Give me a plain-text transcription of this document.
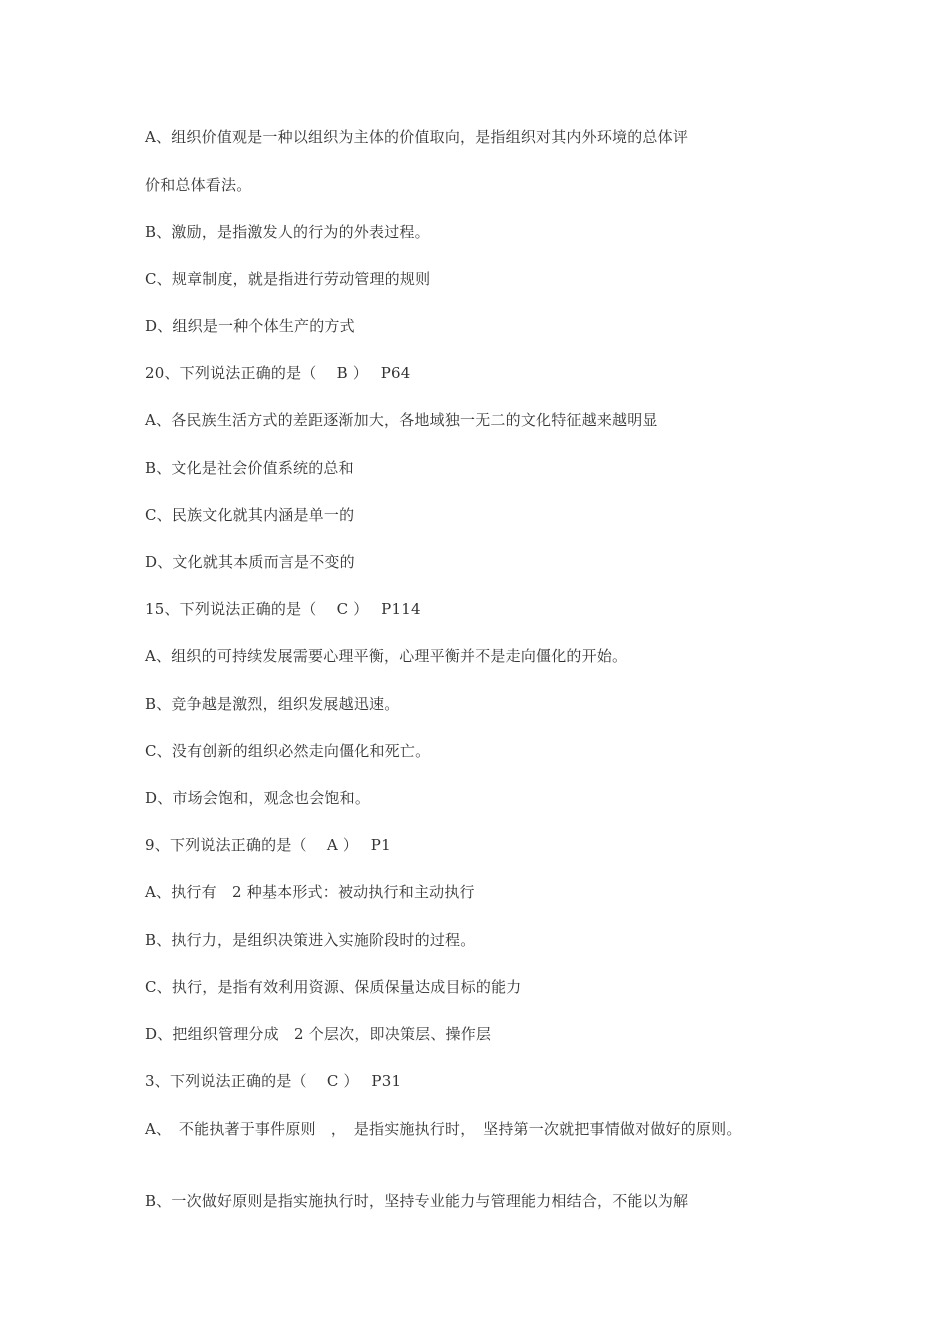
A、组织价值观是一种以组织为主体的价值取向，是指组织对其内外环境的总体评
价和总体看法。
B、激励，是指激发人的行为的外表过程。
C、规章制度，就是指进行劳动管理的规则
D、组织是一种个体生产的方式
20、下列说法正确的是（　 B ）　 P64
A、各民族生活方式的差距逐渐加大，各地域独一无二的文化特征越来越明显
B、文化是社会价值系统的总和
C、民族文化就其内涵是单一的
D、文化就其本质而言是不变的
15、下列说法正确的是（　 C ）　 P114
A、组织的可持续发展需要心理平衡，心理平衡并不是走向僵化的开始。
B、竞争越是激烈，组织发展越迅速。
C、没有创新的组织必然走向僵化和死亡。
D、市场会饱和，观念也会饱和。
9、下列说法正确的是（　 A ）　 P1
A、执行有　2 种基本形式：被动执行和主动执行
B、执行力，是组织决策进入实施阶段时的过程。
C、执行，是指有效利用资源、保质保量达成目标的能力
D、把组织管理分成　2 个层次，即决策层、操作层
3、下列说法正确的是（　 C ）　 P31
A、　不能执著于事件原则　，　是指实施执行时，　坚持第一次就把事情做对做好的原则。
B、一次做好原则是指实施执行时，坚持专业能力与管理能力相结合，不能以为解
